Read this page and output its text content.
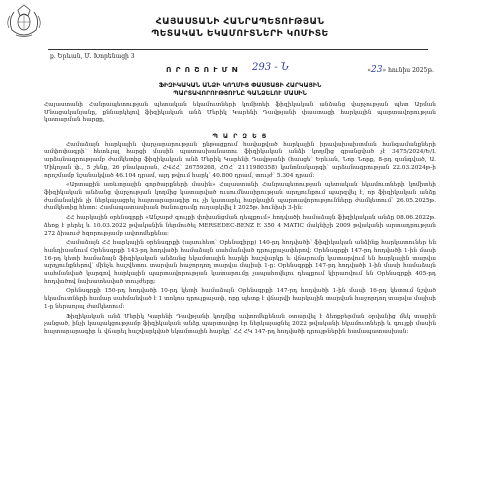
ՀԱՅԱՍՏԱՆԻ ՀԱՆՐԱՊԵՏՈՒԹՅԱՆ
ՊԵՏԱԿԱՆ ԵԿԱՄՈՒՏՆԵՐԻ ԿՈՄԻՏԵ
ք. Երևան, Մ. Խորենացի 3
Ո Ր Ո Շ Ո Ւ Մ N 293 - Ն	«23» հունիս 2025թ.
ՖԻԶԻԿԱԿԱՆ ԱՆՁԻ ԿՈՂՄԻՑ ՓԱՍՏԱՑԻ ՀԱՐԿԱՅԻՆ
ՊԱՐՏԱՎՈՐՈՒԹՅՈՒՆԸ ԳԱՆՁԵԼՈՒ ՄԱՍԻՆ
Հայաստանի Հանրապետության պետական եկամուտների կոմիտեի ֆիզիկական անձանց վարչության պետ Արման Մնացականյանը, քննարկելով ֆիզիկական անձ Մերիկ Կարենի Դավթյանի փաստացի հարկային պարտավորության կատարման հարցը,
Պ Ա Ր Զ Ե Ց
Համաձայն հարկային վարչարարության ընթացքում հավաքված հարկային իրավախախտման հանգամանքների ամփոփագրի՝ հետևյալ հարցի մասին պատասխանատու ֆիզիկական անձի կողմից գրանցված չէ 3475/2024/Ե/Լ արձանագրությամբ ժամկետից ֆիզիկական անձ Մերիկ Կարենի Դավթյանի (հասցե՝ Երևան, Նոր Նորք, 8-րդ զանգված, Ա. Միկոյան փ., 5 շենք, 26 բնակարան, ՀՎՀՀ՝ 26759268, ՀԾՀ՝ 2111980358) կանոնակարգի՝ արձանագրության 22.03.2024թ-ի որոշմամբ նշանակված 46.104 դրամ, այդ թվում հարկ՝ 40.800 դրամ, տույժ՝ 5.304 դրամ։
«Արտաքին առևտրային գործարքների մասին» Հայաստանի Հանրապետության պետական եկամուտների կոմիտեի ֆիզիկական անձանց վարչության կողմից կատարված ուսումնասիրության արդյունքում պարզվել է, որ ֆիզիկական անձը ժամանակին չի ներկայացրել հայտարարագիր ու չի կատարել հարկային պարտավորությունները ժամկետում՝ 26.05.2025թ. ժամկետից հետո։ Համապատասխան ծանուցումը ուղարկվել է 2025թ. հունիսի 3-ին։
ՀՀ հարկային օրենսգրքի «Անշարժ գույքի փոխանցման դեպքում» հոդվածի համաձայն ֆիզիկական անձը 08.06.2022թ. ձեռք է բերել և 10.03.2022 թվականին ներմուծել MERSEDEC-BENZ E 350 4 MATIC մակնիշի 2009 թվականի արտադրության 272 ձիաուժ հզորությամբ ավտոմեքենա։
Համաձայն ՀՀ հարկային օրենսգրքի (այսուհետ՝ Օրենսգիրք) 140-րդ հոդվածի՝ ֆիզիկական անձինք հարկատուներ են հանդիսանում Օրենսգրքի 143-րդ հոդվածի համաձայն սահմանված դրույքաչափերով։ Օրենսգրքի 147-րդ հոդվածի 1-ին մասի 16-րդ կետի համաձայն ֆիզիկական անձանց եկամտային հարկի հաշվարկը և վճարումը կատարվում են հարկային տարվա արդյունքներով՝ մինչև հաշվետու տարվան հաջորդող տարվա մայիսի 1-ը։ Օրենսգրքի 147-րդ հոդվածի 1-ին մասի համաձայն սահմանված կարգով հարկային պարտավորության կատարումը չապահովելու դեպքում կիրառվում են Օրենսգրքի 405-րդ հոդվածով նախատեսված տույժերը։
Օրենսգրքի 150-րդ հոդվածի 10-րդ կետի համաձայն Օրենսգրքի 147-րդ հոդվածի 1-ին մասի 16-րդ կետում նշված եկամուտների համար սահմանված է 1 տոկոս դրույքաչափ, որը պետք է վճարվի հարկային տարվան հաջորդող տարվա մայիսի 1-ը ներառյալ ժամկետում։
Ֆիզիկական անձ Մերիկ Կարենի Դավթյանի կողմից ավտոմեքենան օտարվել է ձեռքբերման օրվանից մեկ տարին չանցած, ինչի կապակցությամբ ֆիզիկական անձը պարտավոր էր ներկայացնել 2022 թվականի եկամուտների և գույքի մասին հայտարարագիր և վճարել հաշվարկված եկամտային հարկը՝ ՀՀ ՀԿ 147-րդ հոդվածի դրույթներին համապատասխան։
